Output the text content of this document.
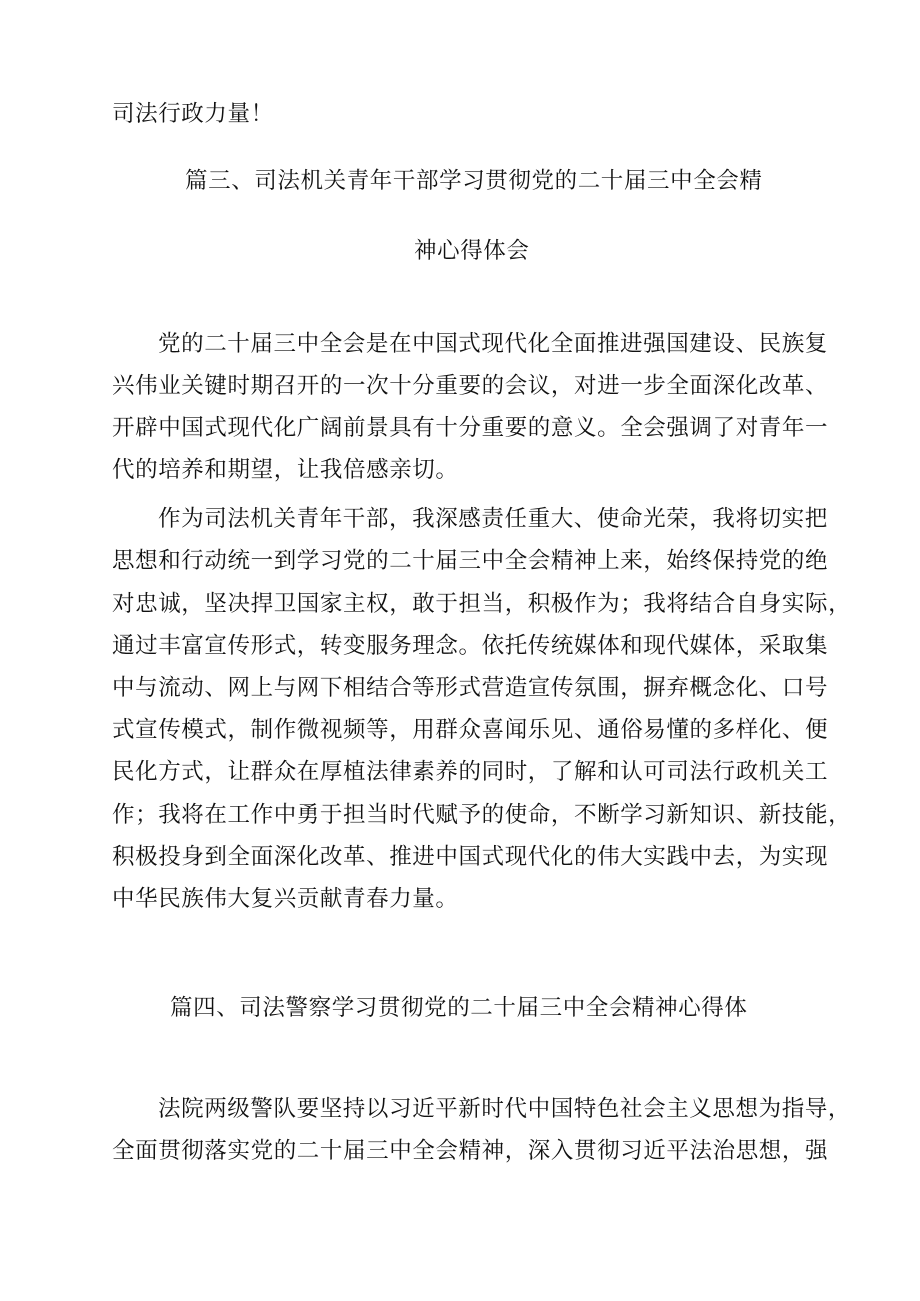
司法行政力量！
篇三、司法机关青年干部学习贯彻党的二十届三中全会精
神心得体会
党的二十届三中全会是在中国式现代化全面推进强国建设、民族复
兴伟业关键时期召开的一次十分重要的会议，对进一步全面深化改革、
开辟中国式现代化广阔前景具有十分重要的意义。全会强调了对青年一
代的培养和期望，让我倍感亲切。
作为司法机关青年干部，我深感责任重大、使命光荣，我将切实把
思想和行动统一到学习党的二十届三中全会精神上来，始终保持党的绝
对忠诚，坚决捍卫国家主权，敢于担当，积极作为；我将结合自身实际，
通过丰富宣传形式，转变服务理念。依托传统媒体和现代媒体，采取集
中与流动、网上与网下相结合等形式营造宣传氛围，摒弃概念化、口号
式宣传模式，制作微视频等，用群众喜闻乐见、通俗易懂的多样化、便
民化方式，让群众在厚植法律素养的同时，了解和认可司法行政机关工
作；我将在工作中勇于担当时代赋予的使命，不断学习新知识、新技能，
积极投身到全面深化改革、推进中国式现代化的伟大实践中去，为实现
中华民族伟大复兴贡献青春力量。
篇四、司法警察学习贯彻党的二十届三中全会精神心得体
法院两级警队要坚持以习近平新时代中国特色社会主义思想为指导，
全面贯彻落实党的二十届三中全会精神，深入贯彻习近平法治思想，强
